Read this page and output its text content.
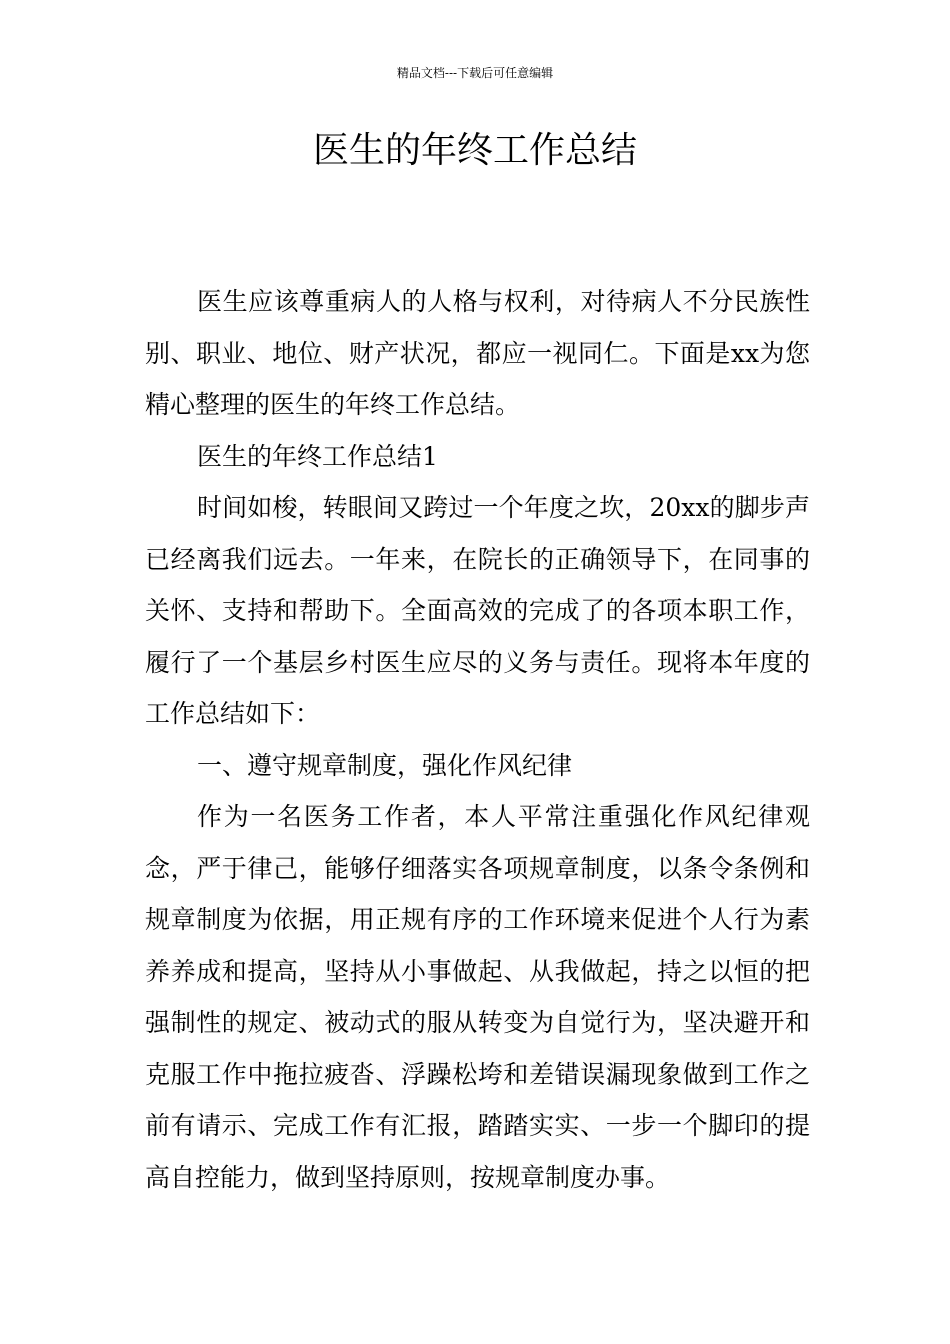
精品文档---下载后可任意编辑
医生的年终工作总结

医生应该尊重病人的人格与权利，对待病人不分民族性别、职业、地位、财产状况，都应一视同仁。下面是xx为您精心整理的医生的年终工作总结。

医生的年终工作总结1

时间如梭，转眼间又跨过一个年度之坎，20xx的脚步声已经离我们远去。一年来，在院长的正确领导下，在同事的关怀、支持和帮助下。全面高效的完成了的各项本职工作，履行了一个基层乡村医生应尽的义务与责任。现将本年度的工作总结如下：

一、遵守规章制度，强化作风纪律

作为一名医务工作者，本人平常注重强化作风纪律观念，严于律己，能够仔细落实各项规章制度，以条令条例和规章制度为依据，用正规有序的工作环境来促进个人行为素养养成和提高，坚持从小事做起、从我做起，持之以恒的把强制性的规定、被动式的服从转变为自觉行为，坚决避开和克服工作中拖拉疲沓、浮躁松垮和差错误漏现象做到工作之前有请示、完成工作有汇报，踏踏实实、一步一个脚印的提高自控能力，做到坚持原则，按规章制度办事。
